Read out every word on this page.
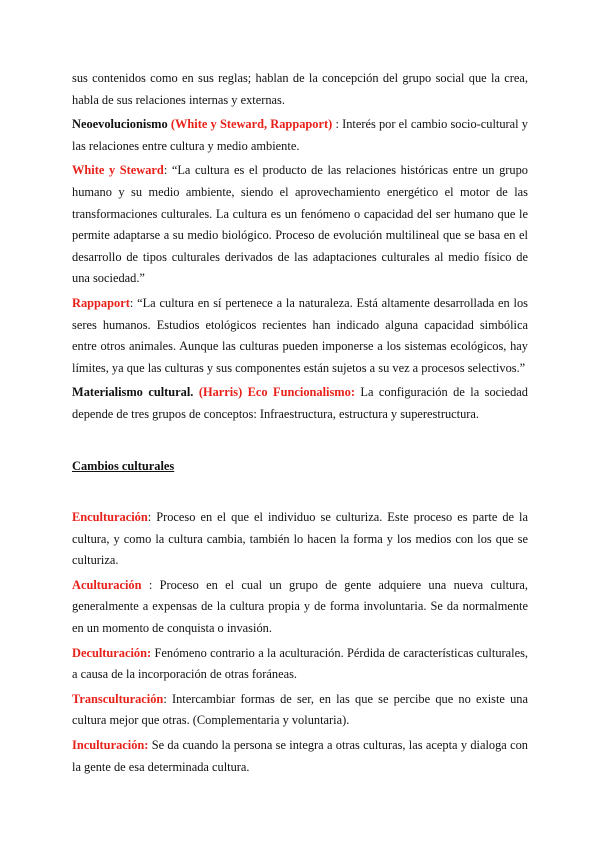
sus contenidos como en sus reglas; hablan de la concepción del grupo social que la crea, habla de sus relaciones internas y externas.

Neoevolucionismo (White y Steward, Rappaport) : Interés por el cambio socio-cultural y las relaciones entre cultura y medio ambiente.

White y Steward: “La cultura es el producto de las relaciones históricas entre un grupo humano y su medio ambiente, siendo el aprovechamiento energético el motor de las transformaciones culturales. La cultura es un fenómeno o capacidad del ser humano que le permite adaptarse a su medio biológico. Proceso de evolución multilineal que se basa en el desarrollo de tipos culturales derivados de las adaptaciones culturales al medio físico de una sociedad.”

Rappaport: “La cultura en sí pertenece a la naturaleza. Está altamente desarrollada en los seres humanos. Estudios etológicos recientes han indicado alguna capacidad simbólica entre otros animales. Aunque las culturas pueden imponerse a los sistemas ecológicos, hay límites, ya que las culturas y sus componentes están sujetos a su vez a procesos selectivos.”

Materialismo cultural. (Harris) Eco Funcionalismo: La configuración de la sociedad depende de tres grupos de conceptos: Infraestructura, estructura y superestructura.

Cambios culturales

Enculturación: Proceso en el que el individuo se culturiza. Este proceso es parte de la cultura, y como la cultura cambia, también lo hacen la forma y los medios con los que se culturiza.

Aculturación : Proceso en el cual un grupo de gente adquiere una nueva cultura, generalmente a expensas de la cultura propia y de forma involuntaria. Se da normalmente en un momento de conquista o invasión.

Deculturación: Fenómeno contrario a la aculturación. Pérdida de características culturales, a causa de la incorporación de otras foráneas.

Transculturación: Intercambiar formas de ser, en las que se percibe que no existe una cultura mejor que otras. (Complementaria y voluntaria).

Inculturación: Se da cuando la persona se integra a otras culturas, las acepta y dialoga con la gente de esa determinada cultura.
